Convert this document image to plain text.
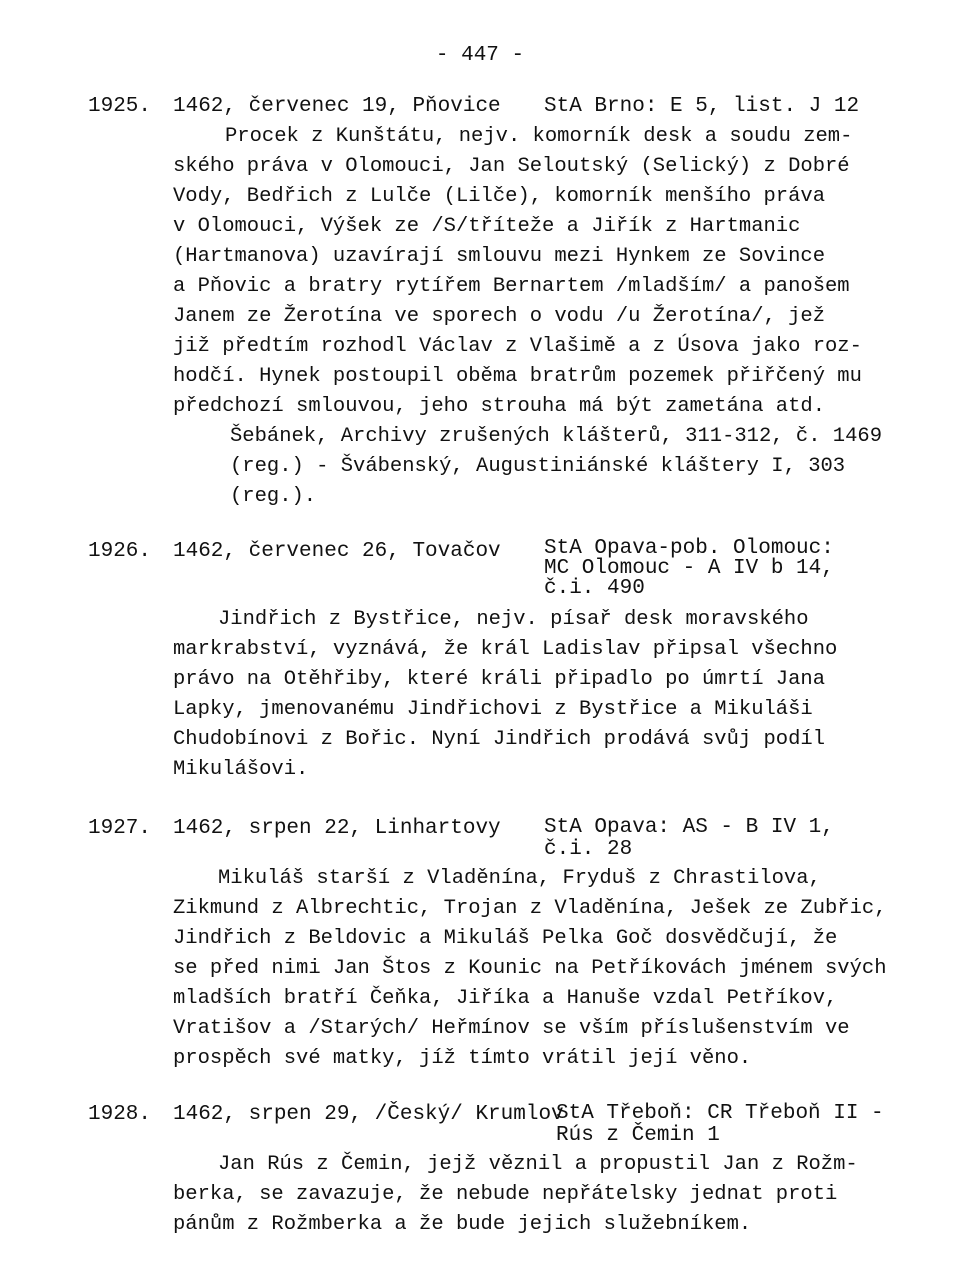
- 447 -
1925. 1462, červenec 19, Pňovice StA Brno: E 5, list. J 12
Procek z Kunštátu, nejv. komorník desk a soudu zem-
ského práva v Olomouci, Jan Seloutský (Selický) z Dobré
Vody, Bedřich z Lulče (Lilče), komorník menšího práva
v Olomouci, Výšek ze /S/tříteže a Jiřík z Hartmanic
(Hartmanova) uzavírají smlouvu mezi Hynkem ze Sovince
a Pňovic a bratry rytířem Bernartem /mladším/ a panošem
Janem ze Žerotína ve sporech o vodu /u Žerotína/, jež
již předtím rozhodl Václav z Vlašimě a z Úsova jako roz-
hodčí. Hynek postoupil oběma bratrům pozemek přiřčený mu
předchozí smlouvou, jeho strouha má být zametána atd.
Šebánek, Archivy zrušených klášterů, 311-312, č. 1469
(reg.) - Švábenský, Augustiniánské kláštery I, 303
(reg.).
1926. 1462, červenec 26, Tovačov StA Opava-pob. Olomouc:
MC Olomouc - A IV b 14,
č.i. 490
Jindřich z Bystřice, nejv. písař desk moravského
markrabství, vyznává, že král Ladislav připsal všechno
právo na Otěhřiby, které králi připadlo po úmrtí Jana
Lapky, jmenovanému Jindřichovi z Bystřice a Mikuláši
Chudobínovi z Bořic. Nyní Jindřich prodává svůj podíl
Mikulášovi.
1927. 1462, srpen 22, Linhartovy StA Opava: AS - B IV 1,
č.i. 28
Mikuláš starší z Vladěnína, Fryduš z Chrastilova,
Zikmund z Albrechtic, Trojan z Vladěnína, Ješek ze Zubřic,
Jindřich z Beldovic a Mikuláš Pelka Goč dosvědčují, že
se před nimi Jan Štos z Kounic na Petříkovách jménem svých
mladších bratří Čeňka, Jiříka a Hanuše vzdal Petříkov,
Vratišov a /Starých/ Heřmínov se vším příslušenstvím ve
prospěch své matky, jíž tímto vrátil její věno.
1928. 1462, srpen 29, /Český/ Krumlov
StA Třeboň: CR Třeboň II -
Rús z Čemin 1
Jan Rús z Čemin, jejž věznil a propustil Jan z Rožm-
berka, se zavazuje, že nebude nepřátelsky jednat proti
pánům z Rožmberka a že bude jejich služebníkem.
